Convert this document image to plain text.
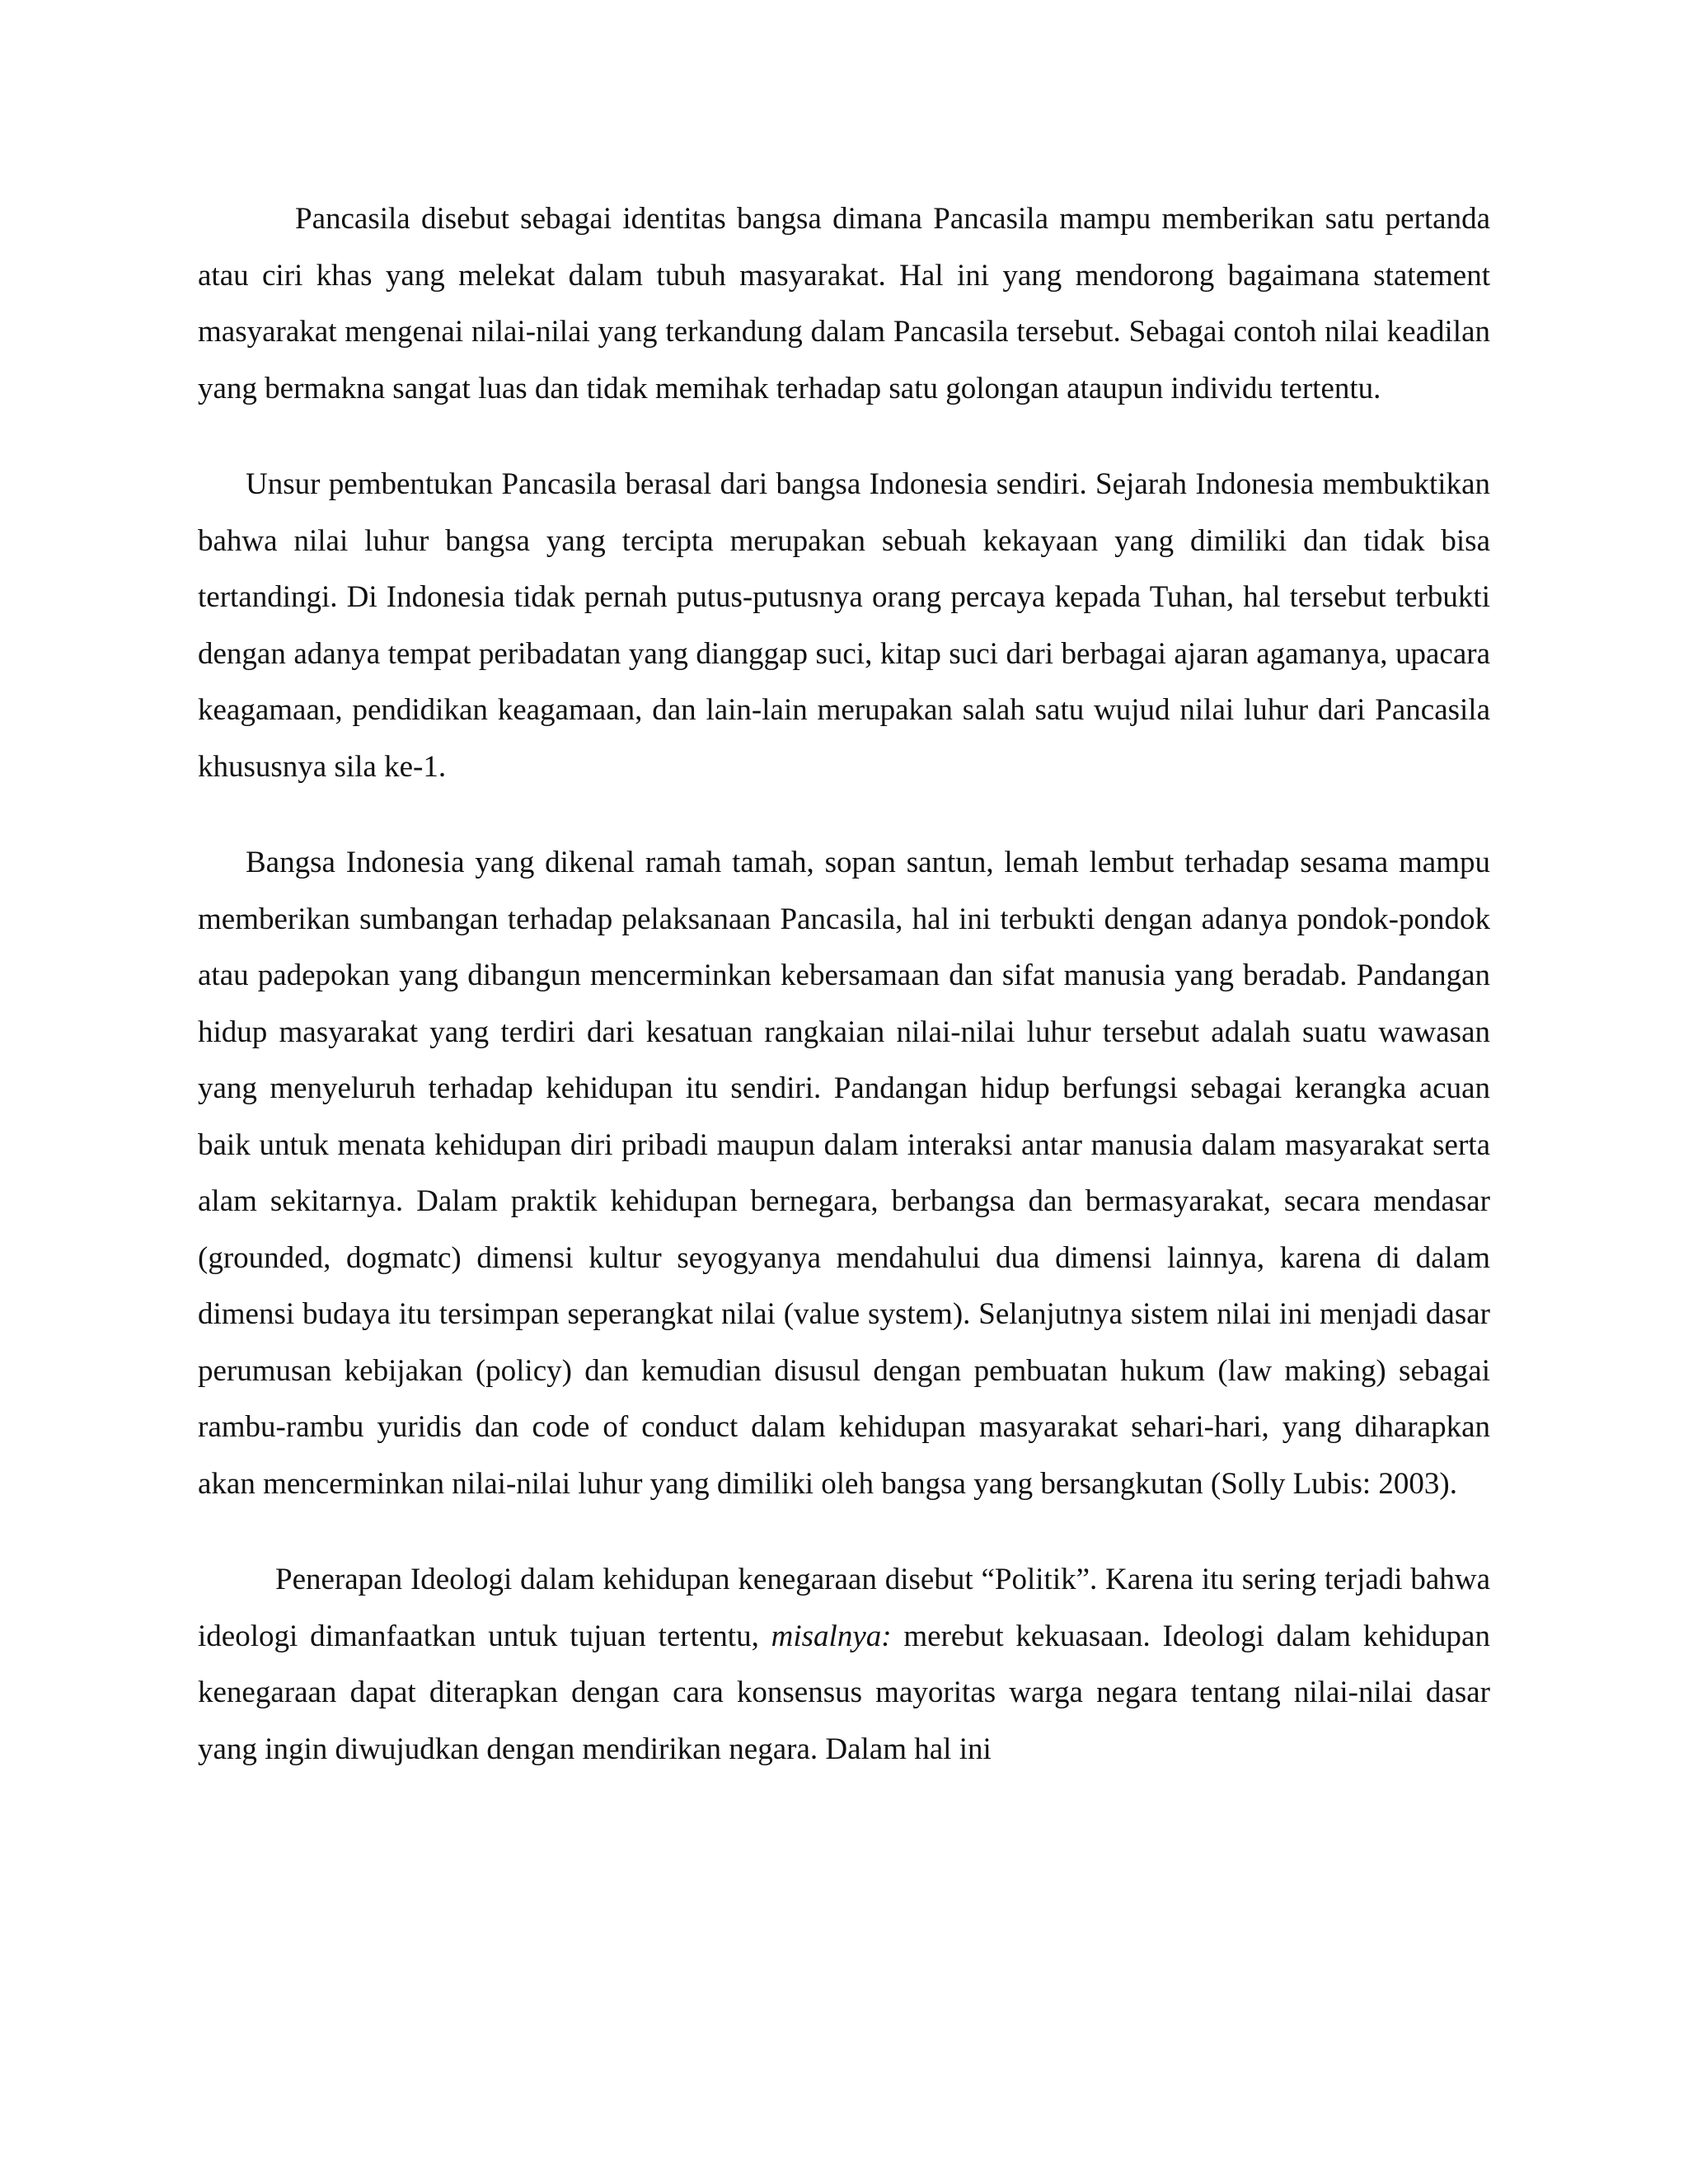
Pancasila disebut sebagai identitas bangsa dimana Pancasila mampu memberikan satu pertanda atau ciri khas yang melekat dalam tubuh masyarakat. Hal ini yang mendorong bagaimana statement masyarakat mengenai nilai-nilai yang terkandung dalam Pancasila tersebut. Sebagai contoh nilai keadilan yang bermakna sangat luas dan tidak memihak terhadap satu golongan ataupun individu tertentu.

Unsur pembentukan Pancasila berasal dari bangsa Indonesia sendiri. Sejarah Indonesia membuktikan bahwa nilai luhur bangsa yang tercipta merupakan sebuah kekayaan yang dimiliki dan tidak bisa tertandingi. Di Indonesia tidak pernah putus-putusnya orang percaya kepada Tuhan, hal tersebut terbukti dengan adanya tempat peribadatan yang dianggap suci, kitap suci dari berbagai ajaran agamanya, upacara keagamaan, pendidikan keagamaan, dan lain-lain merupakan salah satu wujud nilai luhur dari Pancasila khususnya sila ke-1.

Bangsa Indonesia yang dikenal ramah tamah, sopan santun, lemah lembut terhadap sesama mampu memberikan sumbangan terhadap pelaksanaan Pancasila, hal ini terbukti dengan adanya pondok-pondok atau padepokan yang dibangun mencerminkan kebersamaan dan sifat manusia yang beradab. Pandangan hidup masyarakat yang terdiri dari kesatuan rangkaian nilai-nilai luhur tersebut adalah suatu wawasan yang menyeluruh terhadap kehidupan itu sendiri. Pandangan hidup berfungsi sebagai kerangka acuan baik untuk menata kehidupan diri pribadi maupun dalam interaksi antar manusia dalam masyarakat serta alam sekitarnya. Dalam praktik kehidupan bernegara, berbangsa dan bermasyarakat, secara mendasar (grounded, dogmatc) dimensi kultur seyogyanya mendahului dua dimensi lainnya, karena di dalam dimensi budaya itu tersimpan seperangkat nilai (value system). Selanjutnya sistem nilai ini menjadi dasar perumusan kebijakan (policy) dan kemudian disusul dengan pembuatan hukum (law making) sebagai rambu-rambu yuridis dan code of conduct dalam kehidupan masyarakat sehari-hari, yang diharapkan akan mencerminkan nilai-nilai luhur yang dimiliki oleh bangsa yang bersangkutan (Solly Lubis: 2003).

Penerapan Ideologi dalam kehidupan kenegaraan disebut “Politik”. Karena itu sering terjadi bahwa ideologi dimanfaatkan untuk tujuan tertentu, misalnya: merebut kekuasaan. Ideologi dalam kehidupan kenegaraan dapat diterapkan dengan cara konsensus mayoritas warga negara tentang nilai-nilai dasar yang ingin diwujudkan dengan mendirikan negara. Dalam hal ini
